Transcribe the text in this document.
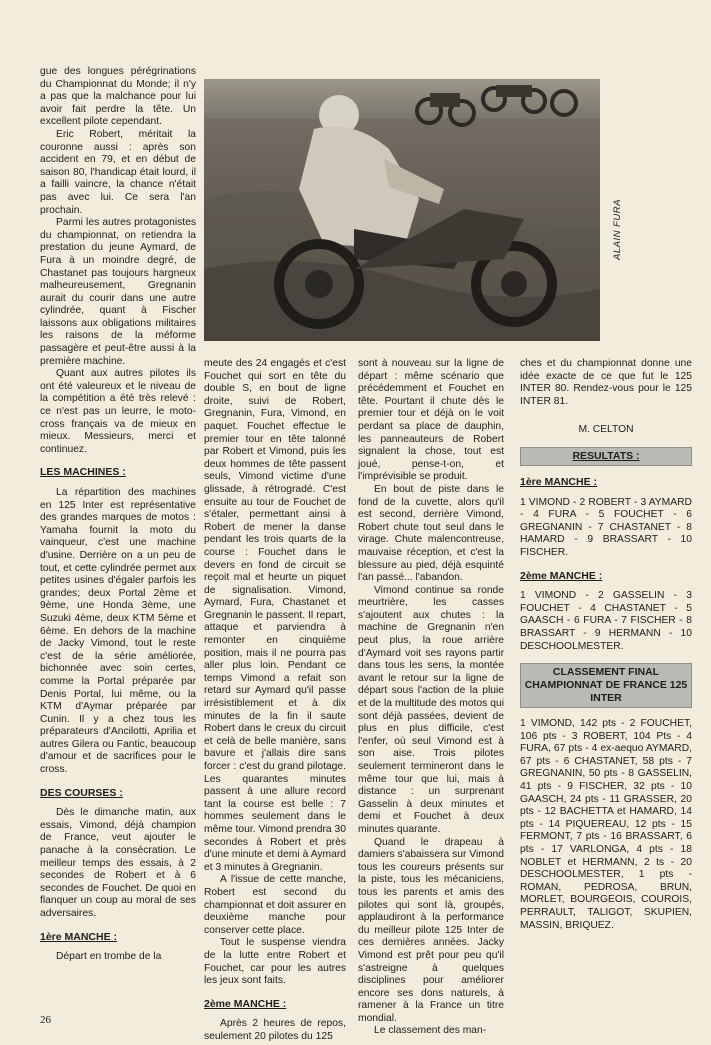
ALAIN FURA

gue des longues pérégrinations du Championnat du Monde; il n'y a pas que la malchance pour lui avoir fait perdre la tête. Un excellent pilote cependant.

Eric Robert, méritait la couronne aussi : après son accident en 79, et en début de saison 80, l'handicap était lourd, il a failli vaincre, la chance n'était pas avec lui. Ce sera l'an prochain.

Parmi les autres protagonistes du championnat, on retiendra la prestation du jeune Aymard, de Fura à un moindre degré, de Chastanet pas toujours hargneux malheureusement, Gregnanin aurait du courir dans une autre cylindrée, quant à Fischer laissons aux obligations militaires les raisons de la méforme passagère et peut-être aussi à la première machine.

Quant aux autres pilotes ils ont été valeureux et le niveau de la compétition a été très relevé : ce n'est pas un leurre, le moto-cross français va de mieux en mieux. Messieurs, merci et continuez.

LES MACHINES :

La répartition des machines en 125 Inter est représentative des grandes marques de motos : Yamaha fournit la moto du vainqueur, c'est une machine d'usine. Derrière on a un peu de tout, et cette cylindrée permet aux petites usines d'égaler parfois les grandes; deux Portal 2ème et 9ème, une Honda 3ème, une Suzuki 4ème, deux KTM 5ème et 6ème. En dehors de la machine de Jacky Vimond, tout le reste c'est de la série améliorée, bichonnée avec soin certes, comme la Portal préparée par Denis Portal, lui même, ou la KTM d'Aymar préparée par Cunin. Il y a chez tous les préparateurs d'Ancilotti, Aprilia et autres Gilera ou Fantic, beaucoup d'amour et de sacrifices pour le cross.

DES COURSES :

Dès le dimanche matin, aux essais, Vimond, déjà champion de France, veut ajouter le panache à la consécration. Le meilleur temps des essais, à 2 secondes de Robert et à 6 secondes de Fouchet. De quoi en flanquer un coup au moral de ses adversaires.

1ère MANCHE :

Départ en trombe de la

meute des 24 engagés et c'est Fouchet qui sort en tête du double S, en bout de ligne droite, suivi de Robert, Gregnanin, Fura, Vimond, en paquet. Fouchet effectue le premier tour en tête talonné par Robert et Vimond, puis les deux hommes de tête passent seuls, Vimond victime d'une glissade, à rétrogradé. C'est ensuite au tour de Fouchet de s'étaler, permettant ainsi à Robert de mener la danse pendant les trois quarts de la course : Fouchet dans le devers en fond de circuit se reçoit mal et heurte un piquet de signalisation. Vimond, Aymard, Fura, Chastanet et Gregnanin le passent. Il repart, attaque et parviendra à remonter en cinquième position, mais il ne pourra pas aller plus loin. Pendant ce temps Vimond a refait son retard sur Aymard qu'il passe irrésistiblement et à dix minutes de la fin il saute Robert dans le creux du circuit et celà de belle manière, sans bavure et j'allais dire sans forcer : c'est du grand pilotage. Les quarantes minutes passent à une allure record tant la course est belle : 7 hommes seulement dans le même tour. Vimond prendra 30 secondes à Robert et près d'une minute et demi à Aymard et 3 minutes à Gregnanin.

A l'issue de cette manche, Robert est second du championnat et doit assurer en deuxième manche pour conserver cette place.

Tout le suspense viendra de la lutte entre Robert et Fouchet, car pour les autres les jeux sont faits.

2ème MANCHE :

Après 2 heures de repos, seulement 20 pilotes du 125

sont à nouveau sur la ligne de départ : même scénario que précédemment et Fouchet en tête. Pourtant il chute dès le premier tour et déjà on le voit perdant sa place de dauphin, les panneauteurs de Robert signalent la chose, tout est joué, pense-t-on, et l'imprévisible se produit.

En bout de piste dans le fond de la cuvette, alors qu'il est second, derrière Vimond, Robert chute tout seul dans le virage. Chute malencontreuse, mauvaise réception, et c'est la blessure au pied, déjà esquinté l'an passé... l'abandon.

Vimond continue sa ronde meurtrière, les casses s'ajoutent aux chutes : la machine de Gregnanin n'en peut plus, la roue arrière d'Aymard voit ses rayons partir dans tous les sens, la montée avant le retour sur la ligne de départ sous l'action de la pluie et de la multitude des motos qui sont déjà passées, devient de plus en plus difficile, c'est l'enfer, où seul Vimond est à son aise. Trois pilotes seulement termineront dans le même tour que lui, mais à distance : un surprenant Gasselin à deux minutes et demi et Fouchet à deux minutes quarante.

Quand le drapeau à damiers s'abaissera sur Vimond tous les coureurs présents sur la piste, tous les mécaniciens, tous les parents et amis des pilotes qui sont là, groupés, applaudiront à la performance du meilleur pilote 125 Inter de ces dernières années. Jacky Vimond est prêt pour peu qu'il s'astreigne à quelques disciplines pour améliorer encore ses dons naturels, à ramener à la France un titre mondial.

Le classement des man-

ches et du championnat donne une idée exacte de ce que fut le 125 INTER 80. Rendez-vous pour le 125 INTER 81.

M. CELTON

RESULTATS :
1ère MANCHE :

1 VIMOND - 2 ROBERT - 3 AYMARD - 4 FURA - 5 FOUCHET - 6 GREGNANIN - 7 CHASTANET - 8 HAMARD - 9 BRASSART - 10 FISCHER.

2ème MANCHE :

1 VIMOND - 2 GASSELIN - 3 FOUCHET - 4 CHASTANET - 5 GAASCH - 6 FURA - 7 FISCHER - 8 BRASSART - 9 HERMANN - 10 DESCHOOLMESTER.

CLASSEMENT FINAL CHAMPIONNAT DE FRANCE 125 INTER

1 VIMOND, 142 pts - 2 FOUCHET, 106 pts - 3 ROBERT, 104 Pts - 4 FURA, 67 pts - 4 ex-aequo AYMARD, 67 pts - 6 CHASTANET, 58 pts - 7 GREGNANIN, 50 pts - 8 GASSELIN, 41 pts - 9 FISCHER, 32 pts - 10 GAASCH, 24 pts - 11 GRASSER, 20 pts - 12 BACHETTA et HAMARD, 14 pts - 14 PIQUEREAU, 12 pts - 15 FERMONT, 7 pts - 16 BRASSART, 6 pts - 17 VARLONGA, 4 pts - 18 NOBLET et HERMANN, 2 ts - 20 DESCHOOLMESTER, 1 pts - ROMAN, PEDROSA, BRUN, MORLET, BOURGEOIS, COUROIS, PERRAULT, TALIGOT, SKUPIEN, MASSIN, BRIQUEZ.

26
